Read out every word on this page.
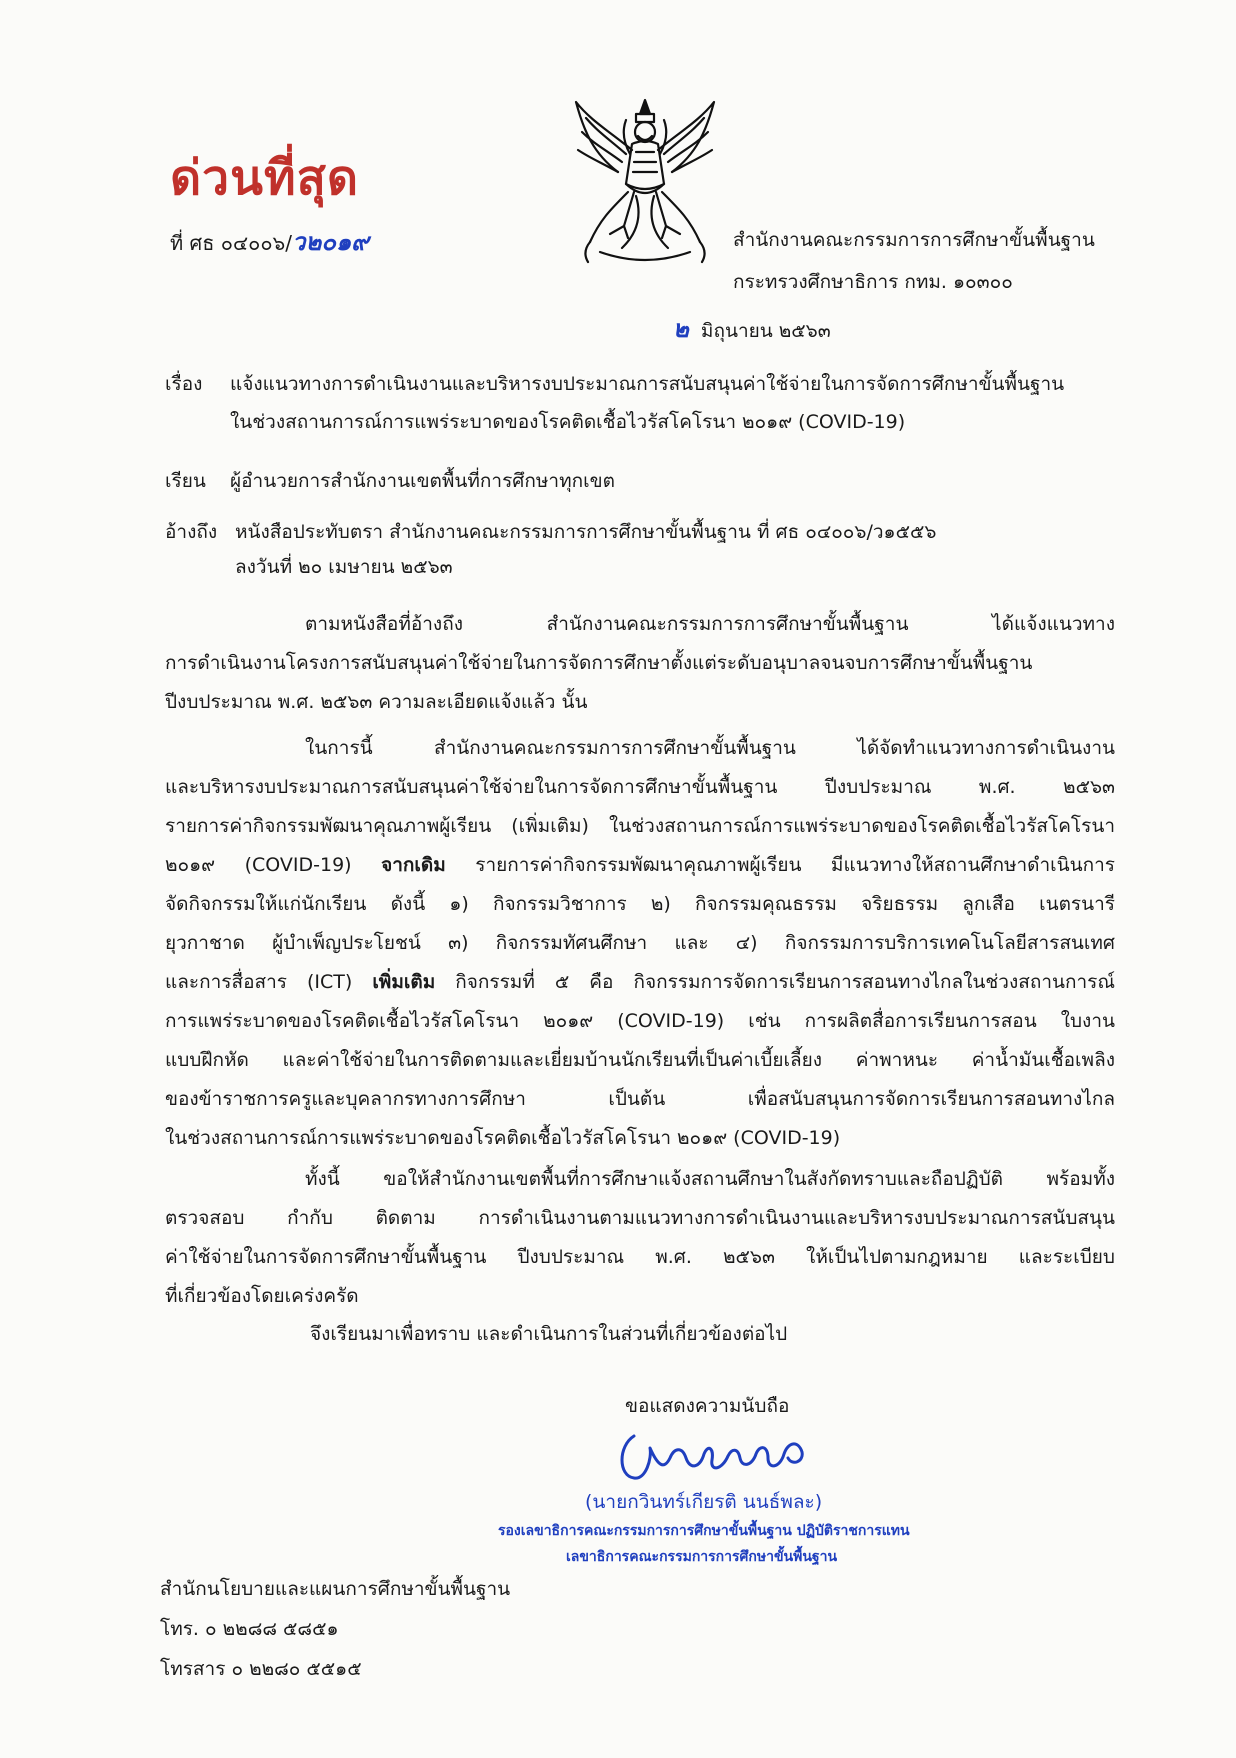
ด่วนที่สุด
ที่ ศธ ๐๔๐๐๖/ว๒๐๑๙	สำนักงานคณะกรรมการการศึกษาขั้นพื้นฐาน
กระทรวงศึกษาธิการ กทม. ๑๐๓๐๐
๒ มิถุนายน ๒๕๖๓
เรื่อง แจ้งแนวทางการดำเนินงานและบริหารงบประมาณการสนับสนุนค่าใช้จ่ายในการจัดการศึกษาขั้นพื้นฐาน
ในช่วงสถานการณ์การแพร่ระบาดของโรคติดเชื้อไวรัสโคโรนา ๒๐๑๙ (COVID-19)
เรียน ผู้อำนวยการสำนักงานเขตพื้นที่การศึกษาทุกเขต
อ้างถึง หนังสือประทับตรา สำนักงานคณะกรรมการการศึกษาขั้นพื้นฐาน ที่ ศธ ๐๔๐๐๖/ว๑๕๕๖
ลงวันที่ ๒๐ เมษายน ๒๕๖๓
ตามหนังสือที่อ้างถึง สำนักงานคณะกรรมการการศึกษาขั้นพื้นฐาน ได้แจ้งแนวทาง
การดำเนินงานโครงการสนับสนุนค่าใช้จ่ายในการจัดการศึกษาตั้งแต่ระดับอนุบาลจนจบการศึกษาขั้นพื้นฐาน
ปีงบประมาณ พ.ศ. ๒๕๖๓ ความละเอียดแจ้งแล้ว นั้น
ในการนี้ สำนักงานคณะกรรมการการศึกษาขั้นพื้นฐาน ได้จัดทำแนวทางการดำเนินงาน
และบริหารงบประมาณการสนับสนุนค่าใช้จ่ายในการจัดการศึกษาขั้นพื้นฐาน ปีงบประมาณ พ.ศ. ๒๕๖๓
รายการค่ากิจกรรมพัฒนาคุณภาพผู้เรียน (เพิ่มเติม) ในช่วงสถานการณ์การแพร่ระบาดของโรคติดเชื้อไวรัสโคโรนา
๒๐๑๙ (COVID-19) จากเดิม รายการค่ากิจกรรมพัฒนาคุณภาพผู้เรียน มีแนวทางให้สถานศึกษาดำเนินการ
จัดกิจกรรมให้แก่นักเรียน ดังนี้ ๑) กิจกรรมวิชาการ ๒) กิจกรรมคุณธรรม จริยธรรม ลูกเสือ เนตรนารี
ยุวกาชาด ผู้บำเพ็ญประโยชน์ ๓) กิจกรรมทัศนศึกษา และ ๔) กิจกรรมการบริการเทคโนโลยีสารสนเทศ
และการสื่อสาร (ICT) เพิ่มเติม กิจกรรมที่ ๕ คือ กิจกรรมการจัดการเรียนการสอนทางไกลในช่วงสถานการณ์
การแพร่ระบาดของโรคติดเชื้อไวรัสโคโรนา ๒๐๑๙ (COVID-19) เช่น การผลิตสื่อการเรียนการสอน ใบงาน
แบบฝึกหัด และค่าใช้จ่ายในการติดตามและเยี่ยมบ้านนักเรียนที่เป็นค่าเบี้ยเลี้ยง ค่าพาหนะ ค่าน้ำมันเชื้อเพลิง
ของข้าราชการครูและบุคลากรทางการศึกษา เป็นต้น เพื่อสนับสนุนการจัดการเรียนการสอนทางไกล
ในช่วงสถานการณ์การแพร่ระบาดของโรคติดเชื้อไวรัสโคโรนา ๒๐๑๙ (COVID-19)
ทั้งนี้ ขอให้สำนักงานเขตพื้นที่การศึกษาแจ้งสถานศึกษาในสังกัดทราบและถือปฏิบัติ พร้อมทั้ง
ตรวจสอบ กำกับ ติดตาม การดำเนินงานตามแนวทางการดำเนินงานและบริหารงบประมาณการสนับสนุน
ค่าใช้จ่ายในการจัดการศึกษาขั้นพื้นฐาน ปีงบประมาณ พ.ศ. ๒๕๖๓ ให้เป็นไปตามกฎหมาย และระเบียบ
ที่เกี่ยวข้องโดยเคร่งครัด
จึงเรียนมาเพื่อทราบ และดำเนินการในส่วนที่เกี่ยวข้องต่อไป
ขอแสดงความนับถือ
(นายกวินทร์เกียรติ นนธ์พละ)
รองเลขาธิการคณะกรรมการการศึกษาขั้นพื้นฐาน ปฏิบัติราชการแทน
เลขาธิการคณะกรรมการการศึกษาขั้นพื้นฐาน
สำนักนโยบายและแผนการศึกษาขั้นพื้นฐาน
โทร. ๐ ๒๒๘๘ ๕๘๕๑
โทรสาร ๐ ๒๒๘๐ ๕๕๑๕
